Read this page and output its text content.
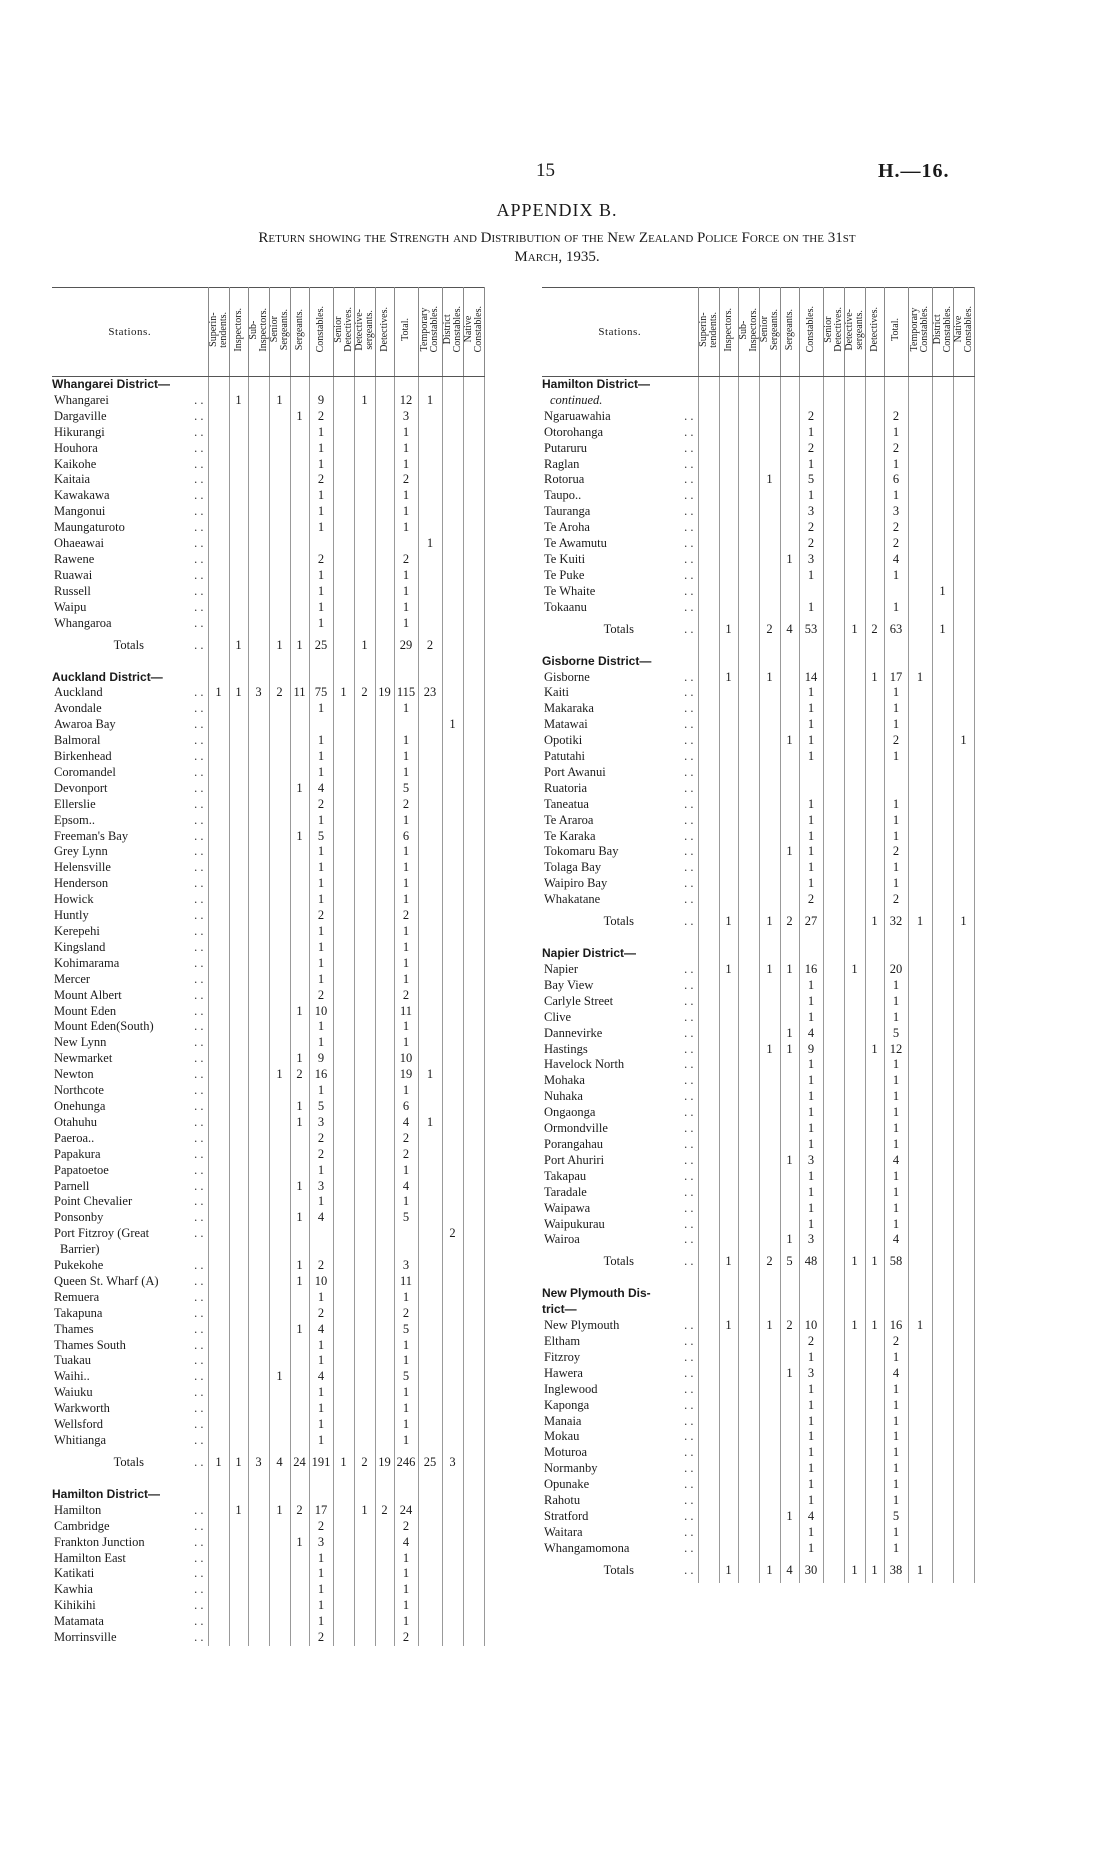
15	H.—16.
APPENDIX B.
Return showing the Strength and Distribution of the New Zealand Police Force on the 31st
March, 1935.
Stations.	Superin-
tendents.	Inspectors.	Sub-
Inspectors.	Senior
Sergeants.	Sergeants.	Constables.	Senior
Detectives.	Detective-
sergeants.	Detectives.	Total.	Temporary
Constables.	District
Constables.	Native
Constables.
Whangarei District—													
Whangarei . .		1		1		9		1		12	1		
Dargaville . .					1	2				3			
Hikurangi . .						1				1			
Houhora . .						1				1			
Kaikohe . .						1				1			
Kaitaia . .						2				2			
Kawakawa . .						1				1			
Mangonui . .						1				1			
Maungaturoto . .						1				1			
Ohaeawai . .											1		
Rawene . .						2				2			
Ruawai . .						1				1			
Russell . .						1				1			
Waipu . .						1				1			
Whangaroa . .						1				1			
Totals . .		1		1	1	25		1		29	2		

Auckland District—													
Auckland . .	1	1	3	2	11	75	1	2	19	115	23		
Avondale . .						1				1			
Awaroa Bay . .												1	
Balmoral . .						1				1			
Birkenhead . .						1				1			
Coromandel . .						1				1			
Devonport . .					1	4				5			
Ellerslie . .						2				2			
Epsom.. . .						1				1			
Freeman's Bay . .					1	5				6			
Grey Lynn . .						1				1			
Helensville . .						1				1			
Henderson . .						1				1			
Howick . .						1				1			
Huntly . .						2				2			
Kerepehi . .						1				1			
Kingsland . .						1				1			
Kohimarama . .						1				1			
Mercer . .						1				1			
Mount Albert . .						2				2			
Mount Eden . .					1	10				11			
Mount Eden(South) . .						1				1			
New Lynn . .						1				1			
Newmarket . .					1	9				10			
Newton . .				1	2	16				19	1		
Northcote . .						1				1			
Onehunga . .					1	5				6			
Otahuhu . .					1	3				4	1		
Paeroa.. . .						2				2			
Papakura . .						2				2			
Papatoetoe . .						1				1			
Parnell . .					1	3				4			
Point Chevalier . .						1				1			
Ponsonby . .					1	4				5			
Port Fitzroy (Great . .												2	
Barrier)													
Pukekohe . .					1	2				3			
Queen St. Wharf (A) . .					1	10				11			
Remuera . .						1				1			
Takapuna . .						2				2			
Thames . .					1	4				5			
Thames South . .						1				1			
Tuakau . .						1				1			
Waihi.. . .				1		4				5			
Waiuku . .						1				1			
Warkworth . .						1				1			
Wellsford . .						1				1			
Whitianga . .						1				1			
Totals . .	1	1	3	4	24	191	1	2	19	246	25	3	

Hamilton District—													
Hamilton . .		1		1	2	17		1	2	24			
Cambridge . .						2				2			
Frankton Junction . .					1	3				4			
Hamilton East . .						1				1			
Katikati . .						1				1			
Kawhia . .						1				1			
Kihikihi . .						1				1			
Matamata . .						1				1			
Morrinsville . .						2				2			
Stations.	Superin-
tendents.	Inspectors.	Sub-
Inspectors.	Senior
Sergeants.	Sergeants.	Constables.	Senior
Detectives.	Detective-
sergeants.	Detectives.	Total.	Temporary
Constables.	District
Constables.	Native
Constables.
Hamilton District—													
continued.													
Ngaruawahia . .						2				2			
Otorohanga . .						1				1			
Putaruru . .						2				2			
Raglan . .						1				1			
Rotorua . .				1		5				6			
Taupo.. . .						1				1			
Tauranga . .						3				3			
Te Aroha . .						2				2			
Te Awamutu . .						2				2			
Te Kuiti . .					1	3				4			
Te Puke . .						1				1			
Te Whaite . .												1	
Tokaanu . .						1				1			
Totals . .		1		2	4	53		1	2	63		1	

Gisborne District—													
Gisborne . .		1		1		14			1	17	1		
Kaiti . .						1				1			
Makaraka . .						1				1			
Matawai . .						1				1			
Opotiki . .					1	1				2			1
Patutahi . .						1				1			
Port Awanui . .													

Ruatoria . .													

Taneatua . .						1				1			
Te Araroa . .						1				1			
Te Karaka . .						1				1			
Tokomaru Bay . .					1	1				2			
Tolaga Bay . .						1				1			
Waipiro Bay . .						1				1			
Whakatane . .						2				2			
Totals . .		1		1	2	27			1	32	1		1

Napier District—													
Napier . .		1		1	1	16		1		20			
Bay View . .						1				1			
Carlyle Street . .						1				1			
Clive . .						1				1			
Dannevirke . .					1	4				5			
Hastings . .				1	1	9			1	12			
Havelock North . .						1				1			
Mohaka . .						1				1			
Nuhaka . .						1				1			
Ongaonga . .						1				1			
Ormondville . .						1				1			
Porangahau . .						1				1			
Port Ahuriri . .					1	3				4			
Takapau . .						1				1			
Taradale . .						1				1			
Waipawa . .						1				1			
Waipukurau . .						1				1			
Wairoa . .					1	3				4			
Totals . .		1		2	5	48		1	1	58			

New Plymouth Dis-													
trict—													
New Plymouth . .		1		1	2	10		1	1	16	1		
Eltham . .						2				2			
Fitzroy . .						1				1			
Hawera . .					1	3				4			
Inglewood . .						1				1			
Kaponga . .						1				1			
Manaia . .						1				1			
Mokau . .						1				1			
Moturoa . .						1				1			
Normanby . .						1				1			
Opunake . .						1				1			
Rahotu . .						1				1			
Stratford . .					1	4				5			
Waitara . .						1				1			
Whangamomona . .						1				1			
Totals . .		1		1	4	30		1	1	38	1		
